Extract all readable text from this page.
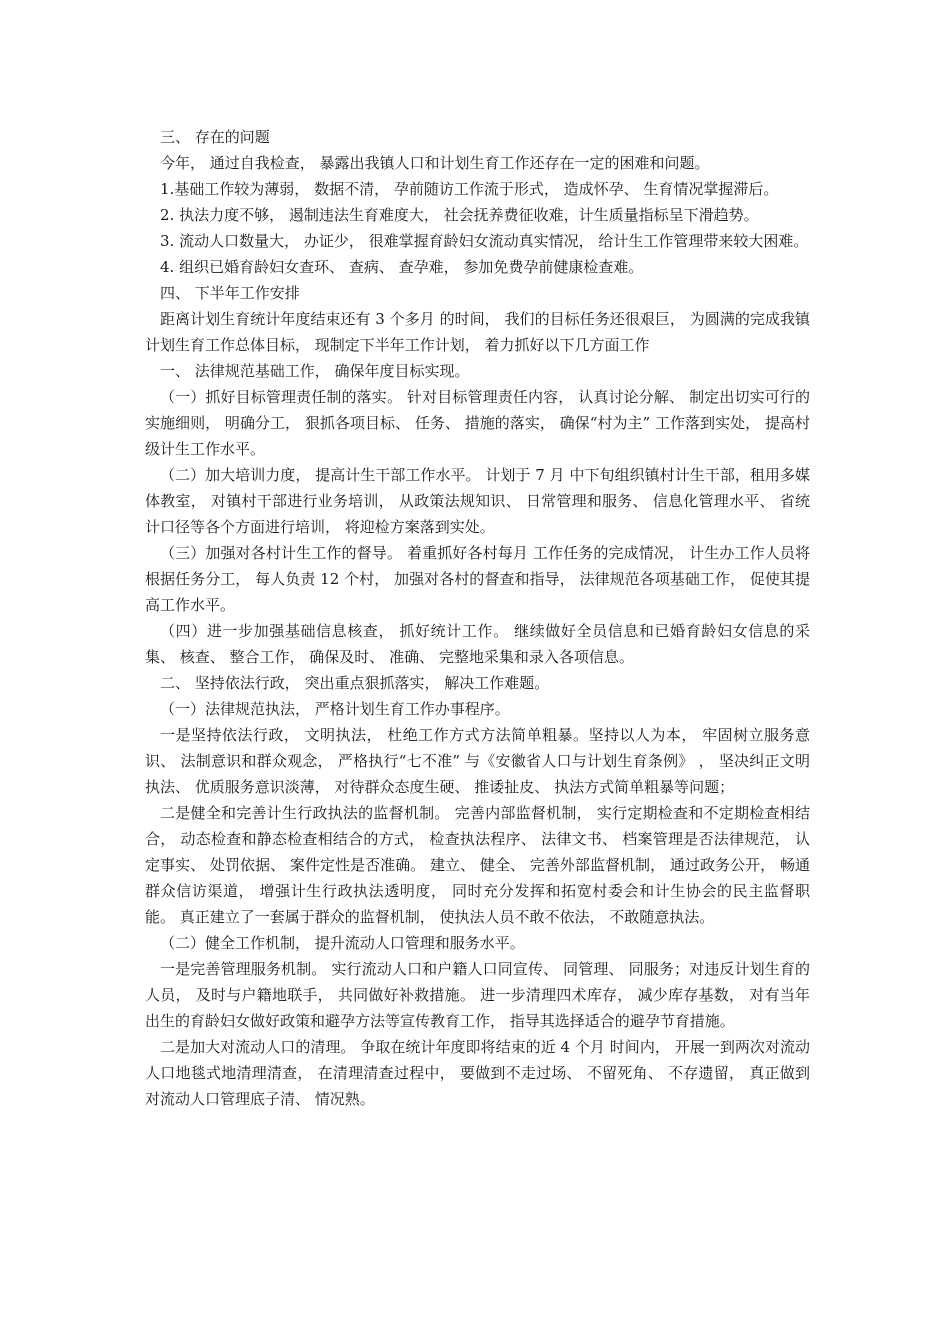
三、 存在的问题

今年， 通过自我检查， 暴露出我镇人口和计划生育工作还存在一定的困难和问题。

1.基础工作较为薄弱， 数据不清， 孕前随访工作流于形式， 造成怀孕、 生育情况掌握滞后。

2. 执法力度不够， 遏制违法生育难度大， 社会抚养费征收难，计生质量指标呈下滑趋势。

3. 流动人口数量大， 办证少， 很难掌握育龄妇女流动真实情况， 给计生工作管理带来较大困难。

4. 组织已婚育龄妇女查环、 查病、 查孕难， 参加免费孕前健康检查难。

四、 下半年工作安排

距离计划生育统计年度结束还有 3 个多月 的时间， 我们的目标任务还很艰巨， 为圆满的完成我镇计划生育工作总体目标， 现制定下半年工作计划， 着力抓好以下几方面工作

一、 法律规范基础工作， 确保年度目标实现。

（一）抓好目标管理责任制的落实。 针对目标管理责任内容， 认真讨论分解、 制定出切实可行的实施细则， 明确分工， 狠抓各项目标、 任务、 措施的落实， 确保“村为主” 工作落到实处， 提高村级计生工作水平。

（二）加大培训力度， 提高计生干部工作水平。 计划于 7 月 中下旬组织镇村计生干部，租用多媒体教室， 对镇村干部进行业务培训， 从政策法规知识、 日常管理和服务、 信息化管理水平、 省统计口径等各个方面进行培训， 将迎检方案落到实处。

（三）加强对各村计生工作的督导。 着重抓好各村每月 工作任务的完成情况， 计生办工作人员将根据任务分工， 每人负责 12 个村， 加强对各村的督查和指导， 法律规范各项基础工作， 促使其提高工作水平。

（四）进一步加强基础信息核查， 抓好统计工作。 继续做好全员信息和已婚育龄妇女信息的采集、 核查、 整合工作， 确保及时、 准确、 完整地采集和录入各项信息。

二、 坚持依法行政， 突出重点狠抓落实， 解决工作难题。

（一）法律规范执法， 严格计划生育工作办事程序。

一是坚持依法行政， 文明执法， 杜绝工作方式方法简单粗暴。坚持以人为本， 牢固树立服务意识、 法制意识和群众观念， 严格执行“七不准” 与《安徽省人口与计划生育条例》 ， 坚决纠正文明执法、 优质服务意识淡薄， 对待群众态度生硬、 推诿扯皮、 执法方式简单粗暴等问题；

二是健全和完善计生行政执法的监督机制。 完善内部监督机制， 实行定期检查和不定期检查相结合， 动态检查和静态检查相结合的方式， 检查执法程序、 法律文书、 档案管理是否法律规范， 认定事实、 处罚依据、 案件定性是否准确。 建立、 健全、 完善外部监督机制， 通过政务公开， 畅通群众信访渠道， 增强计生行政执法透明度， 同时充分发挥和拓宽村委会和计生协会的民主监督职能。 真正建立了一套属于群众的监督机制， 使执法人员不敢不依法， 不敢随意执法。

（二）健全工作机制， 提升流动人口管理和服务水平。

一是完善管理服务机制。 实行流动人口和户籍人口同宣传、 同管理、 同服务；对违反计划生育的人员， 及时与户籍地联手， 共同做好补救措施。 进一步清理四术库存， 减少库存基数， 对有当年出生的育龄妇女做好政策和避孕方法等宣传教育工作， 指导其选择适合的避孕节育措施。

二是加大对流动人口的清理。 争取在统计年度即将结束的近 4 个月 时间内， 开展一到两次对流动人口地毯式地清理清查， 在清理清查过程中， 要做到不走过场、 不留死角、 不存遗留， 真正做到对流动人口管理底子清、 情况熟。
